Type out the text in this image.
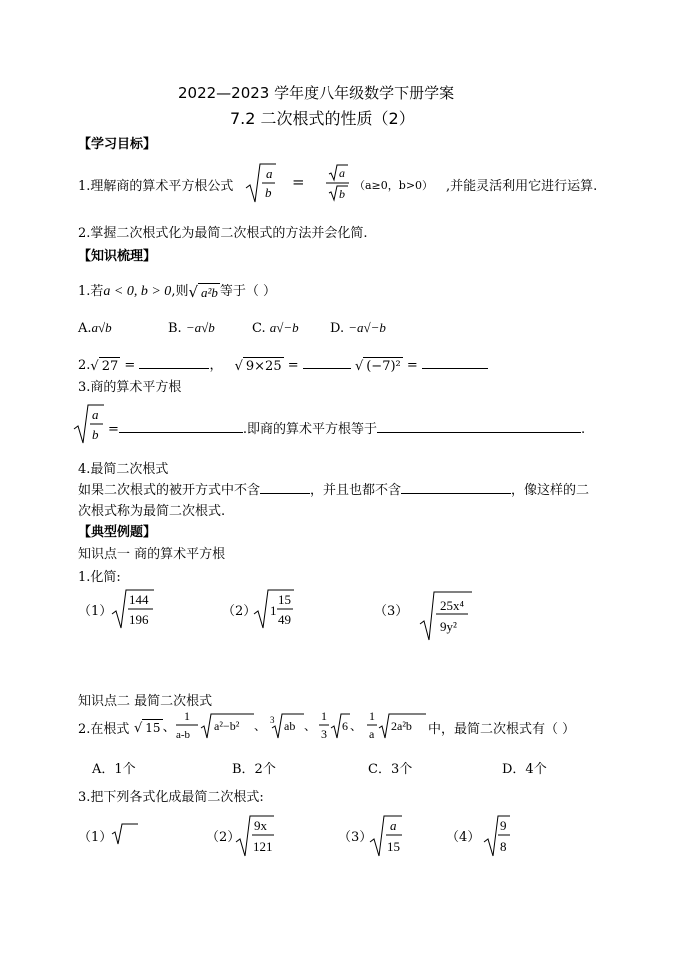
2022—2023 学年度八年级数学下册学案
7.2 二次根式的性质（2）
【学习目标】
1.理解商的算术平方根公式
a
b
=	a
b
（a≥0，b>0） ,并能灵活利用它进行运算.
2.掌握二次根式化为最简二次根式的方法并会化简.
【知识梳理】
1.若a < 0, b > 0,则√ a²b 等于（ ）
A.a√b	B. −a√b	C. a√−b D. −a√−b
2.√ 27 =	， √ 9×25 =	√ (−7)² =
3.商的算术平方根
a
b =	.即商的算术平方根等于	.
4.最简二次根式
如果二次根式的被开方式中不含	，并且也都不含	，像这样的二
次根式称为最简二次根式.
【典型例题】
知识点一 商的算术平方根
1.化简:
（1）
144
196
（2） 1
15
49
（3） 25x⁴
9y²
知识点二 最简二次根式
2.在根式 √ 15 、
1
a-b
a²−b² 、 3 ab 、
1
3
6 、
1
a
2a²b 中，最简二次根式有（ ）
A．1个	B．2个	C．3个	D．4个
3.把下列各式化成最简二次根式:
（1）	（2）
9x
121
（3）
a
15
（4）
9
8
